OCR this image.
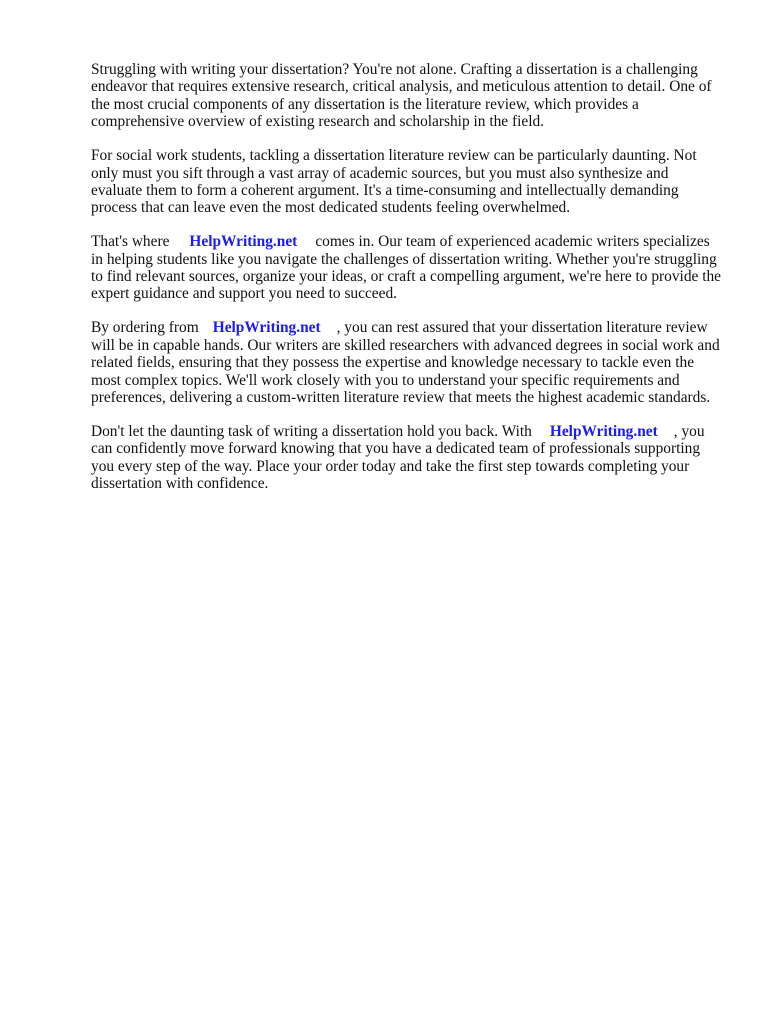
Struggling with writing your dissertation? You're not alone. Crafting a dissertation is a challenging endeavor that requires extensive research, critical analysis, and meticulous attention to detail. One of the most crucial components of any dissertation is the literature review, which provides a comprehensive overview of existing research and scholarship in the field.

For social work students, tackling a dissertation literature review can be particularly daunting. Not only must you sift through a vast array of academic sources, but you must also synthesize and evaluate them to form a coherent argument. It's a time-consuming and intellectually demanding process that can leave even the most dedicated students feeling overwhelmed.

That's where HelpWriting.net comes in. Our team of experienced academic writers specializes in helping students like you navigate the challenges of dissertation writing. Whether you're struggling to find relevant sources, organize your ideas, or craft a compelling argument, we're here to provide the expert guidance and support you need to succeed.

By ordering from HelpWriting.net , you can rest assured that your dissertation literature review will be in capable hands. Our writers are skilled researchers with advanced degrees in social work and related fields, ensuring that they possess the expertise and knowledge necessary to tackle even the most complex topics. We'll work closely with you to understand your specific requirements and preferences, delivering a custom-written literature review that meets the highest academic standards.

Don't let the daunting task of writing a dissertation hold you back. With HelpWriting.net , you can confidently move forward knowing that you have a dedicated team of professionals supporting you every step of the way. Place your order today and take the first step towards completing your dissertation with confidence.
